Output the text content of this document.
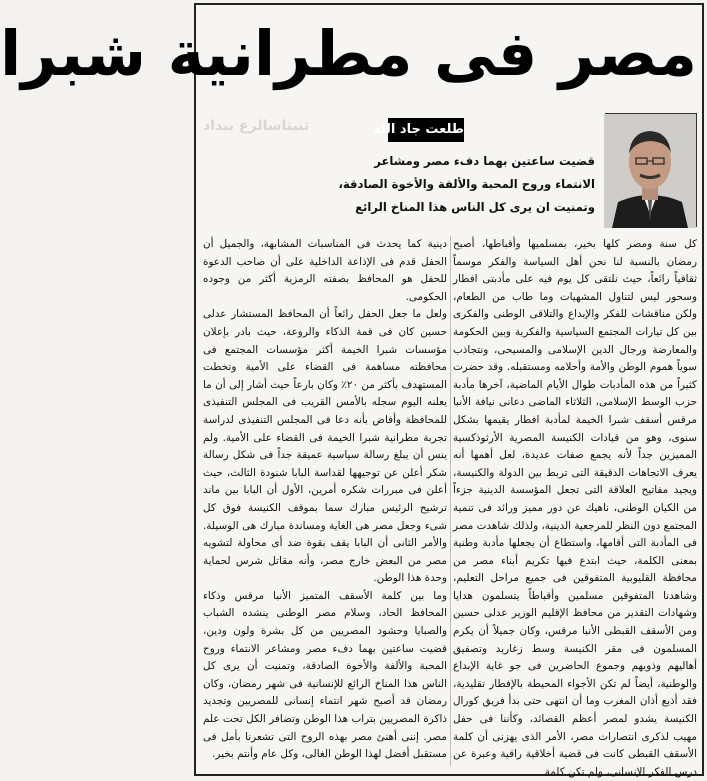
مصر فى مطرانية شبرا
تنيتاسالرع ببداد	طلعت جاد الله

قضيت ساعتين بهما دفء مصر ومشاعر

الانتماء وروح المحبة والألفة والأخوة الصادقة،

وتمنيت ان يرى كل الناس هذا المناخ الرائع

كل سنة ومصر كلها بخير، بمسلميها وأقباطها، أصبح رمضان بالنسبة لنا نحن أهل السياسة والفكر موسماً ثقافياً رائعاً، حيث نلتقى كل يوم فيه على مأدبتى افطار وسحور ليس لتناول المشهيات وما طاب من الطعام، ولكن مناقشات للفكر والإبداع والتلاقى الوطنى والفكرى بين كل تيارات المجتمع السياسية والفكرية وبين الحكومة والمعارضة ورجال الدين الإسلامى والمسيحى، ونتجاذب سوياً هموم الوطن والأمة وأحلامه ومستقبله. وقد حضرت كثيراً من هذه المأدبات طوال الأيام الماضية، آخرها مأدبة حزب الوسط الإسلامى، الثلاثاء الماضى دعانى نيافة الأنبا مرقس أسقف شبرا الخيمة لمأدبة افطار يقيمها بشكل سنوى، وهو من قيادات الكنيسة المصرية الأرثوذكسية المميزين جداً لأنه يجمع صفات عديدة، لعل أهمها أنه يعرف الاتجاهات الدقيقة التى تربط بين الدولة والكنيسة، ويجيد مفاتيح العلاقة التى تجعل المؤسسة الدينية جزءاً من الكيان الوطنى، ناهيك عن دور مميز ورائد فى تنمية المجتمع دون النظر للمرجعية الدينية، ولذلك شاهدت مصر فى المأدبة التى أقامها، واستطاع أن يجعلها مأدبة وطنية بمعنى الكلمة، حيث ابتدع فيها تكريم أبناء مصر من محافظة القليوبية المتفوقين فى جميع مراحل التعليم، وشاهدنا المتفوقين مسلمين وأقباطاً يتسلمون هدايا وشهادات التقدير من محافظ الإقليم الوزير عدلى حسين ومن الأسقف القبطى الأنبا مرقس، وكان جميلاً أن يكرم المسلمون فى مقر الكنيسة وسط زغاريد وتصفيق أهاليهم وذويهم وجموع الحاضرين فى جو غاية الإبداع والوطنية، أيضاً لم تكن الأجواء المحيطة بالإفطار تقليدية، فقد أذيع أذان المغرب وما أن انتهى حتى بدأ فريق كورال الكنيسة يشدو لمصر أعظم القصائد، وكأننا فى حفل مهيب لذكرى انتصارات مصر، الأمر الذى يهزنى أن كلمة الأسقف القبطى كانت فى قضية أخلاقية راقية وعبرة عن درس الفكر الإنسانى، ولم تكن كلمة

دينية كما يحدث فى المناسبات المشابهة، والجميل أن الحفل قدم فى الإذاعة الداخلية على أن صاحب الدعوة للحفل هو المحافظ بصفته الرمزية أكثر من وجوده الحكومى.

ولعل ما جعل الحفل رائعاً أن المحافظ المستشار عدلى حسين كان فى قمة الذكاء والروعة، حيث بادر بإعلان مؤسسات شبرا الخيمة أكثر مؤسسات المجتمع فى محافظته مساهمة فى القضاء على الأمية وتخطت المستهدف بأكثر من ٢٠٪ وكان بارعاً حيث أشار إلى أن ما يعلنه اليوم سجله بالأمس القريب فى المجلس التنفيذى للمحافظة وأفاض بأنه دعا فى المجلس التنفيذى لدراسة تجربة مطرانية شبرا الخيمة فى القضاء على الأمية. ولم ينس أن يبلغ رسالة سياسية عميقة جداً فى شكل رسالة شكر أعلن عن توجيهها لقداسة البابا شنودة الثالث، حيث أعلن فى مبررات شكره أمرين، الأول أن البابا بين ماند ترشيح الرئيس مبارك سما بموقف الكنيسة فوق كل شىء وجعل مصر هى الغاية ومساندة مبارك هى الوسيلة. والأمر الثانى أن البابا يقف بقوة ضد أى محاولة لتشويه مصر من البعض خارج مصر، وأنه مقاتل شرس لحماية وحدة هذا الوطن.

وما بين كلمة الأسقف المتميز الأنبا مرقس وذكاء المحافظ الحاد، وسلام مصر الوطنى ينشده الشباب والصبايا وحشود المصريين من كل بشرة ولون ودين، قضيت ساعتين بهما دفء مصر ومشاعر الانتماء وروح المحبة والألفة والأخوة الصادقة، وتمنيت أن يرى كل الناس هذا المناخ الرائع للإنسانية فى شهر رمضان، وكان رمضان قد أصبح شهر انتماء إنسانى للمصريين وتجديد ذاكرة المصريين بتراب هذا الوطن وتضافر الكل تحت علم مصر. إننى أهنئ مصر بهذه الروح التى تشعرنا بأمل فى مستقبل أفضل لهذا الوطن الغالى، وكل عام وأنتم بخير.
